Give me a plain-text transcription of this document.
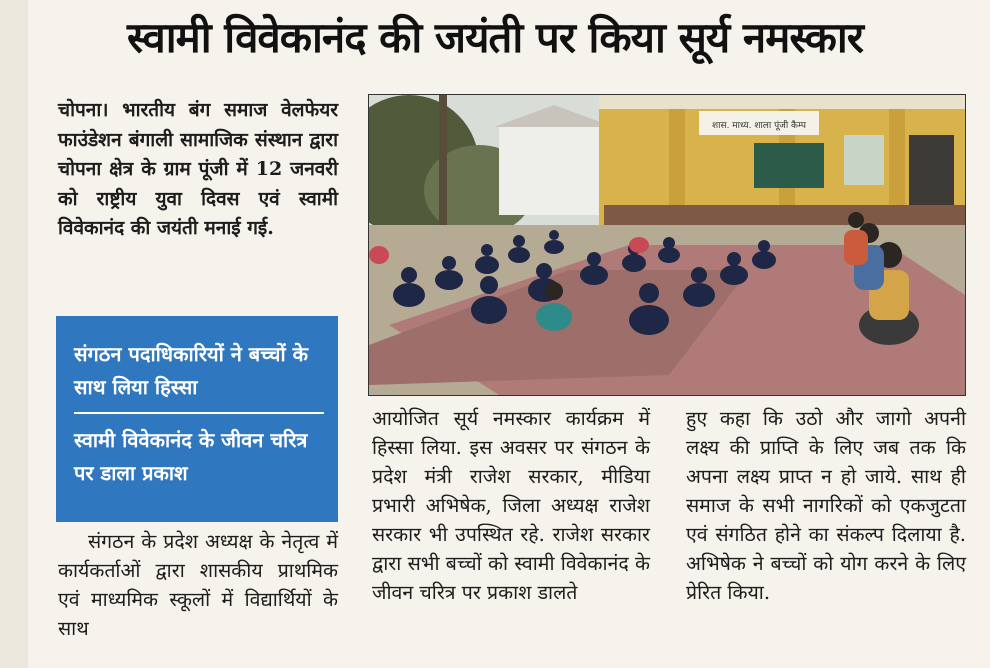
स्वामी विवेकानंद की जयंती पर किया सूर्य नमस्कार

चोपना। भारतीय बंग समाज वेलफेयर फाउंडेशन बंगाली सामाजिक संस्थान द्वारा चोपना क्षेत्र के ग्राम पूंजी में 12 जनवरी को राष्ट्रीय युवा दिवस एवं स्वामी विवेकानंद की जयंती मनाई गई.

संगठन पदाधिकारियों ने बच्चों के साथ लिया हिस्सा
स्वामी विवेकानंद के जीवन चरित्र पर डाला प्रकाश

संगठन के प्रदेश अध्यक्ष के नेतृत्व में कार्यकर्ताओं द्वारा शासकीय प्राथमिक एवं माध्यमिक स्कूलों में विद्यार्थियों के साथ

शास. माध्य. शाला पूंजी कैम्प

आयोजित सूर्य नमस्कार कार्यक्रम में हिस्सा लिया. इस अवसर पर संगठन के प्रदेश मंत्री राजेश सरकार, मीडिया प्रभारी अभिषेक, जिला अध्यक्ष राजेश सरकार भी उपस्थित रहे. राजेश सरकार द्वारा सभी बच्चों को स्वामी विवेकानंद के जीवन चरित्र पर प्रकाश डालते

हुए कहा कि उठो और जागो अपनी लक्ष्य की प्राप्ति के लिए जब तक कि अपना लक्ष्य प्राप्त न हो जाये. साथ ही समाज के सभी नागरिकों को एकजुटता एवं संगठित होने का संकल्प दिलाया है. अभिषेक ने बच्चों को योग करने के लिए प्रेरित किया.
